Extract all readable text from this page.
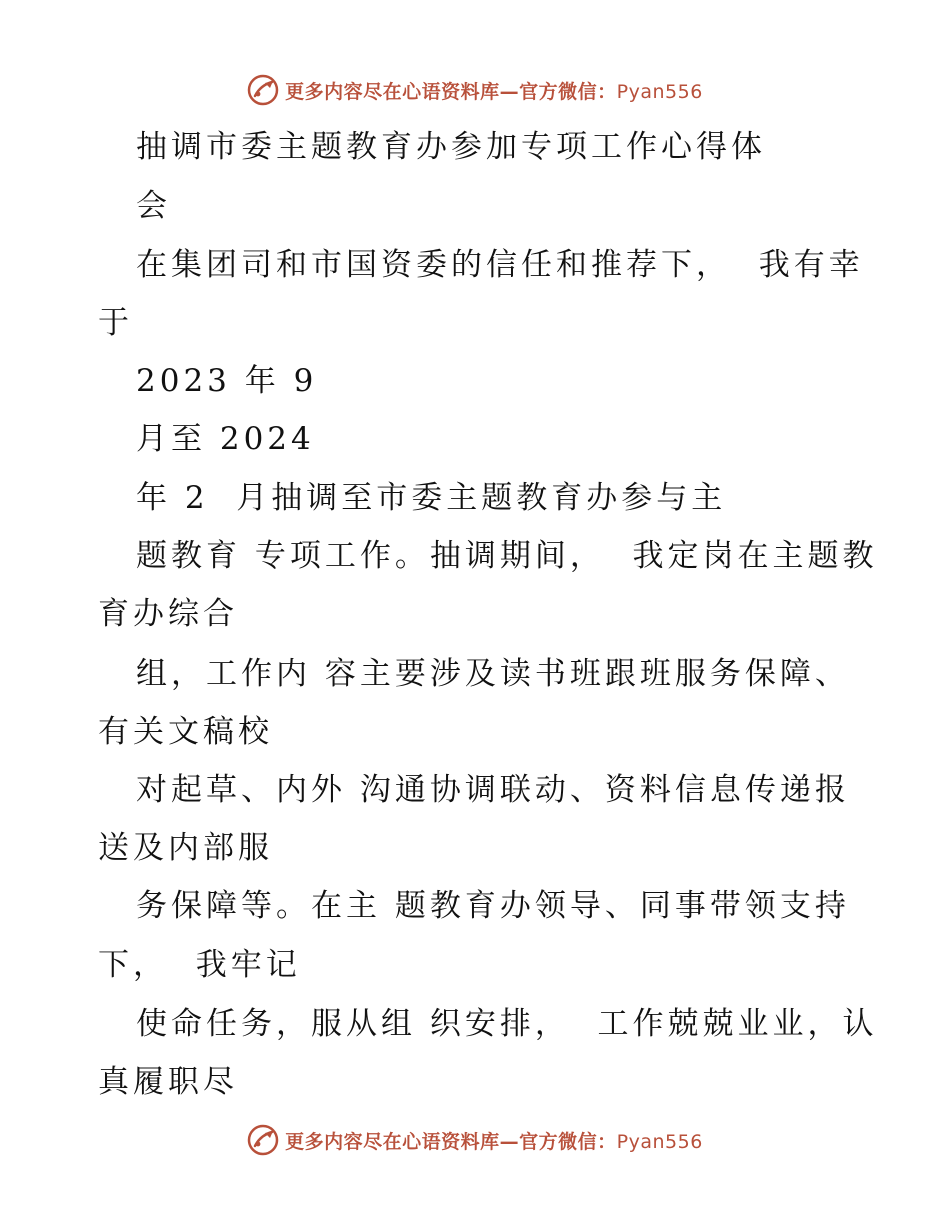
更多内容尽在心语资料库—官方微信：Pyan556
抽调市委主题教育办参加专项工作心得体
会
在集团司和市国资委的信任和推荐下，  我有幸
于
2023 年 9
月至 2024
年 2  月抽调至市委主题教育办参与主
题教育 专项工作。抽调期间，  我定岗在主题教
育办综合
组，工作内 容主要涉及读书班跟班服务保障、
有关文稿校
对起草、内外 沟通协调联动、资料信息传递报
送及内部服
务保障等。在主 题教育办领导、同事带领支持
下，  我牢记
使命任务，服从组 织安排，  工作兢兢业业，认
真履职尽
更多内容尽在心语资料库—官方微信：Pyan556
